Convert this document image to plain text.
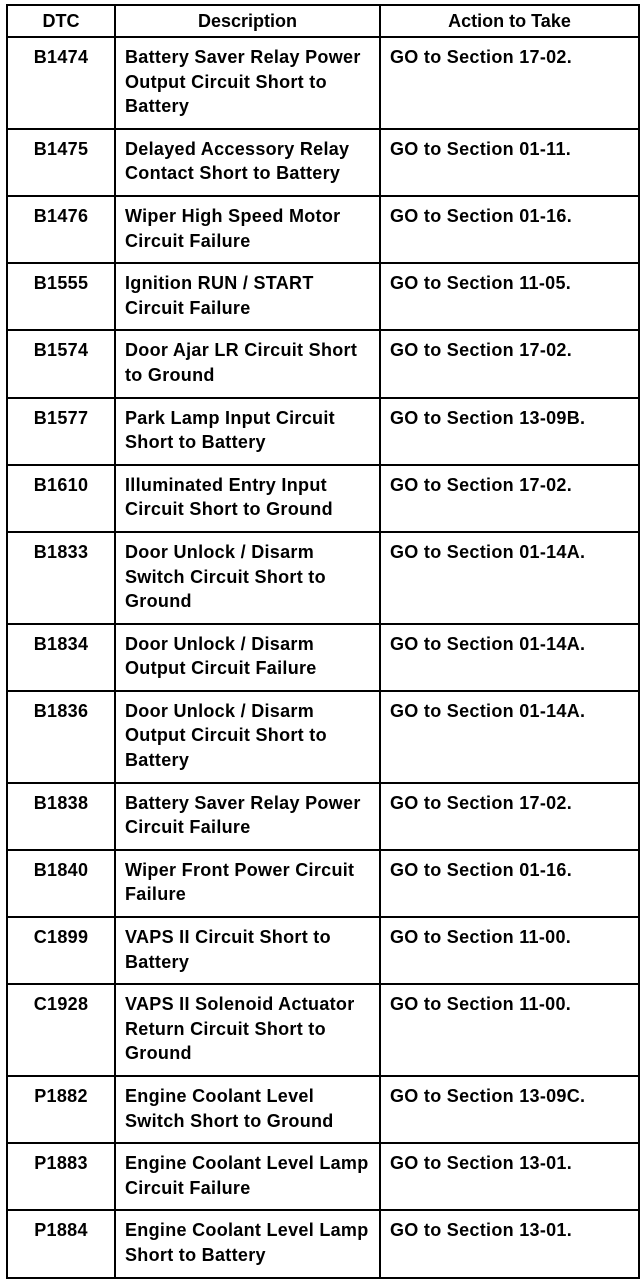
DTC	Description	Action to Take
B1474	Battery Saver Relay Power Output Circuit Short to Battery	GO to Section 17-02.
B1475	Delayed Accessory Relay Contact Short to Battery	GO to Section 01-11.
B1476	Wiper High Speed Motor Circuit Failure	GO to Section 01-16.
B1555	Ignition RUN / START Circuit Failure	GO to Section 11-05.
B1574	Door Ajar LR Circuit Short to Ground	GO to Section 17-02.
B1577	Park Lamp Input Circuit Short to Battery	GO to Section 13-09B.
B1610	Illuminated Entry Input Circuit Short to Ground	GO to Section 17-02.
B1833	Door Unlock / Disarm Switch Circuit Short to Ground	GO to Section 01-14A.
B1834	Door Unlock / Disarm Output Circuit Failure	GO to Section 01-14A.
B1836	Door Unlock / Disarm Output Circuit Short to Battery	GO to Section 01-14A.
B1838	Battery Saver Relay Power Circuit Failure	GO to Section 17-02.
B1840	Wiper Front Power Circuit Failure	GO to Section 01-16.
C1899	VAPS II Circuit Short to Battery	GO to Section 11-00.
C1928	VAPS II Solenoid Actuator Return Circuit Short to Ground	GO to Section 11-00.
P1882	Engine Coolant Level Switch Short to Ground	GO to Section 13-09C.
P1883	Engine Coolant Level Lamp Circuit Failure	GO to Section 13-01.
P1884	Engine Coolant Level Lamp Short to Battery	GO to Section 13-01.
